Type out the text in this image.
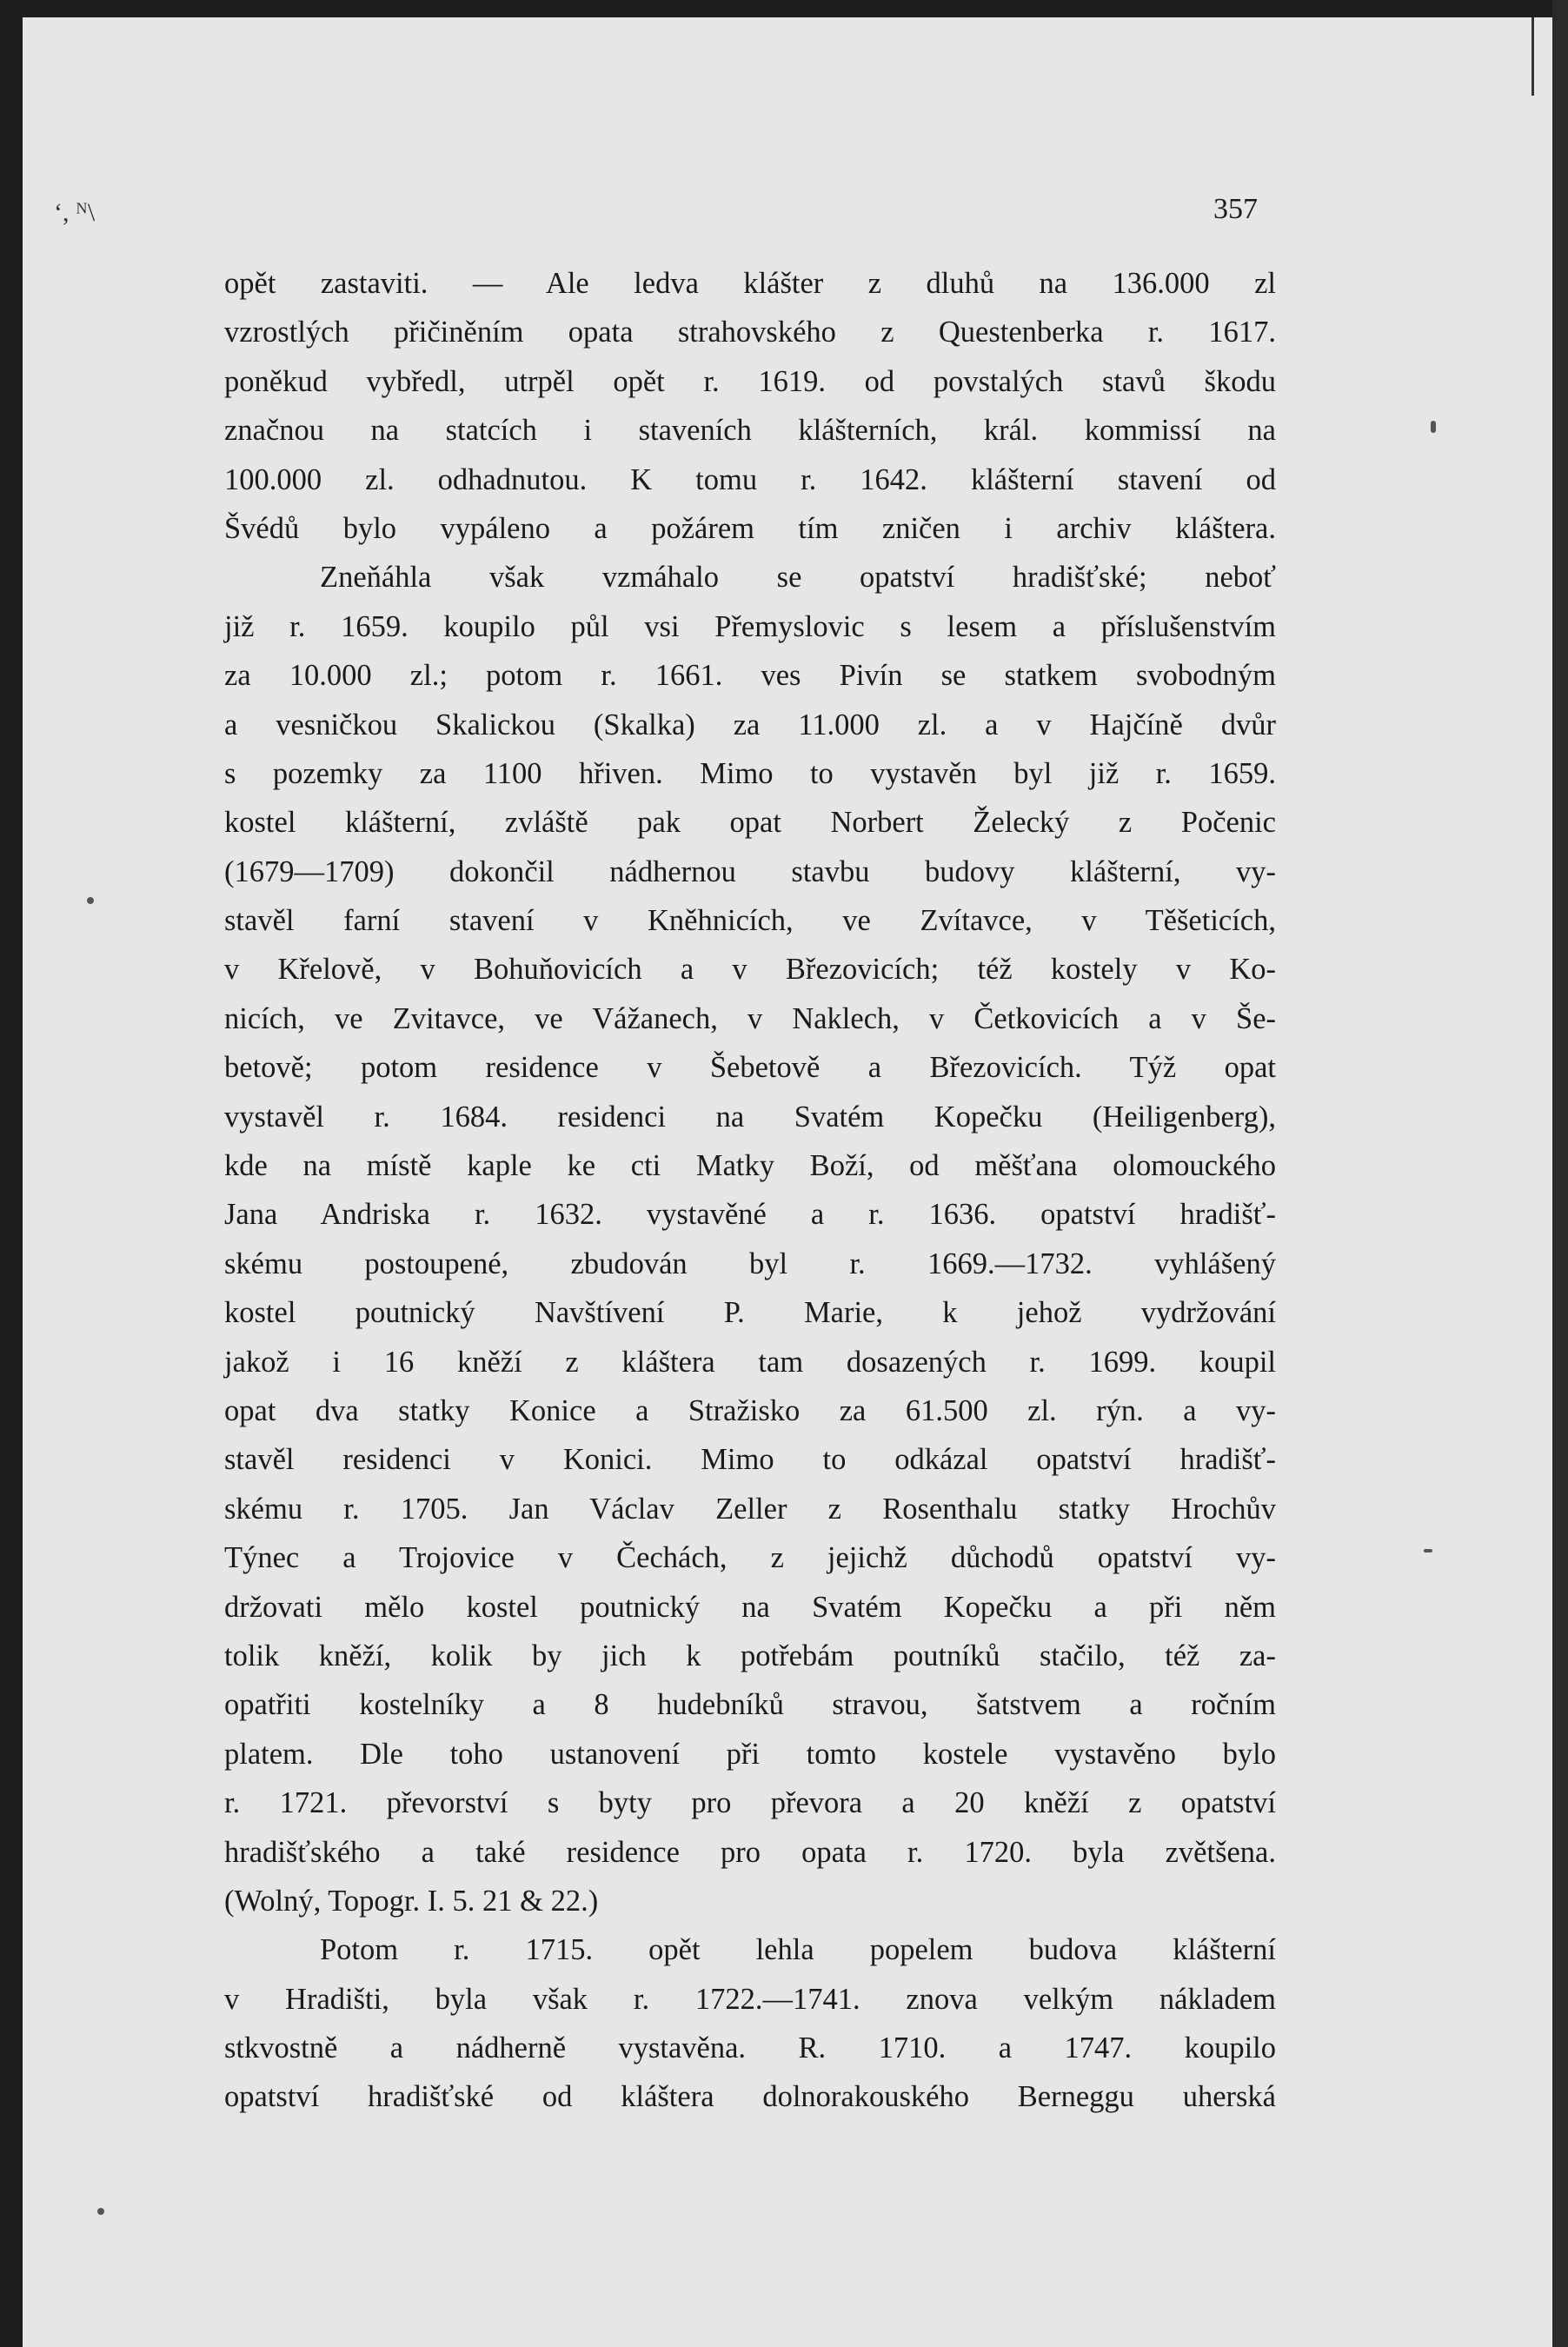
ʻ, ᴺ\	357
opět zastaviti. — Ale ledva klášter z dluhů na 136.000 zl
vzrostlých přičiněním opata strahovského z Questenberka r. 1617.
poněkud vybředl, utrpěl opět r. 1619. od povstalých stavů škodu
značnou na statcích i staveních klášterních, král. kommissí na
100.000 zl. odhadnutou. K tomu r. 1642. klášterní stavení od
Švédů bylo vypáleno a požárem tím zničen i archiv kláštera.
Zneňáhla však vzmáhalo se opatství hradišťské; neboť
již r. 1659. koupilo půl vsi Přemyslovic s lesem a příslušenstvím
za 10.000 zl.; potom r. 1661. ves Pivín se statkem svobodným
a vesničkou Skalickou (Skalka) za 11.000 zl. a v Hajčíně dvůr
s pozemky za 1100 hřiven. Mimo to vystavěn byl již r. 1659.
kostel klášterní, zvláště pak opat Norbert Želecký z Počenic
(1679—1709) dokončil nádhernou stavbu budovy klášterní, vy-
stavěl farní stavení v Kněhnicích, ve Zvítavce, v Těšeticích,
v Křelově, v Bohuňovicích a v Březovicích; též kostely v Ko-
nicích, ve Zvitavce, ve Vážanech, v Naklech, v Četkovicích a v Še-
betově; potom residence v Šebetově a Březovicích. Týž opat
vystavěl r. 1684. residenci na Svatém Kopečku (Heiligenberg),
kde na místě kaple ke cti Matky Boží, od měšťana olomouckého
Jana Andriska r. 1632. vystavěné a r. 1636. opatství hradišť-
skému postoupené, zbudován byl r. 1669.—1732. vyhlášený
kostel poutnický Navštívení P. Marie, k jehož vydržování
jakož i 16 kněží z kláštera tam dosazených r. 1699. koupil
opat dva statky Konice a Stražisko za 61.500 zl. rýn. a vy-
stavěl residenci v Konici. Mimo to odkázal opatství hradišť-
skému r. 1705. Jan Václav Zeller z Rosenthalu statky Hrochův
Týnec a Trojovice v Čechách, z jejichž důchodů opatství vy-
držovati mělo kostel poutnický na Svatém Kopečku a při něm
tolik kněží, kolik by jich k potřebám poutníků stačilo, též za-
opatřiti kostelníky a 8 hudebníků stravou, šatstvem a ročním
platem. Dle toho ustanovení při tomto kostele vystavěno bylo
r. 1721. převorství s byty pro převora a 20 kněží z opatství
hradišťského a také residence pro opata r. 1720. byla zvětšena.
(Wolný, Topogr. I. 5. 21 & 22.)
Potom r. 1715. opět lehla popelem budova klášterní
v Hradišti, byla však r. 1722.—1741. znova velkým nákladem
stkvostně a nádherně vystavěna. R. 1710. a 1747. koupilo
opatství hradišťské od kláštera dolnorakouského Berneggu uherská
